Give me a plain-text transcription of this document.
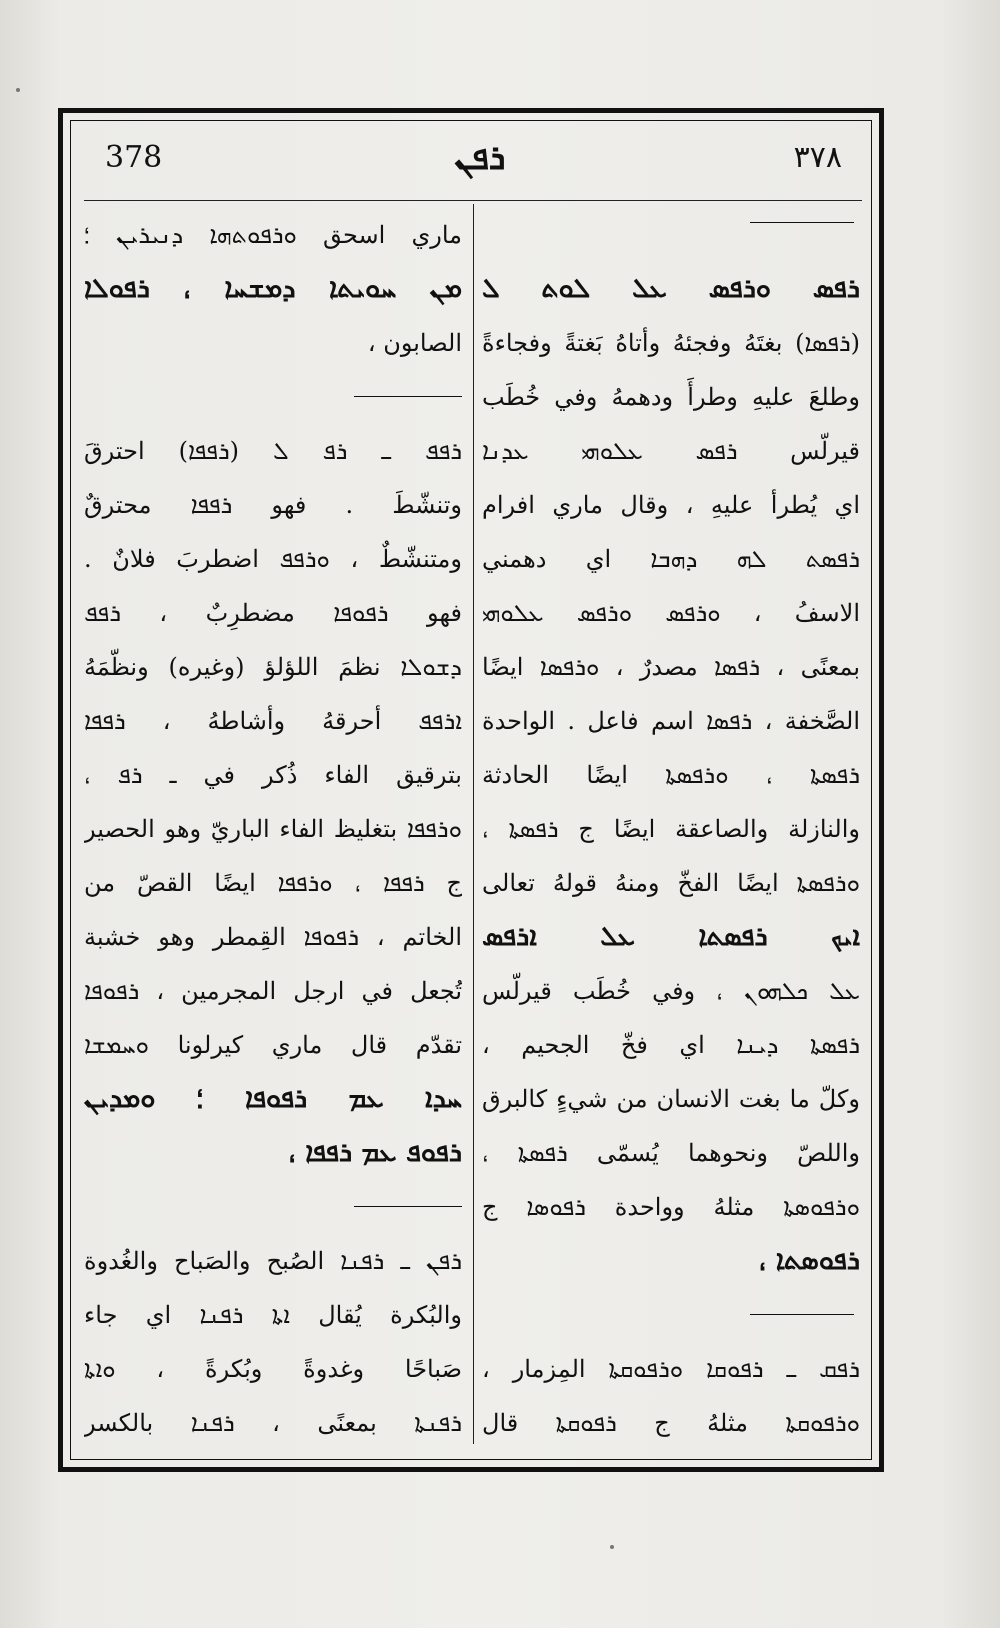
378	ܪܦܢ	٣٧٨
ماري اسحق ܘܪܦܘܬܗܐ ܕܢܝܪܝܢ ؛
ܡܢ ܚܘܝܬܐ ܕܡܫܚܐ ، ܪܦܘܠܐ
الصابون ،
ܪܦܦ ـ ܪܦ ܠ (ܪܦܦܐ) احترقَ
وتنشّطَ . فهو ܪܦܦܐ محترقٌ
ومتنشّطٌ ، ܘܪܦܦ اضطربَ فلانٌ .
فهو ܪܦܘܦܐ مضطرِبٌ ، ܪܦܦ
ܕܫܘܠܐ نظمَ اللؤلؤ (وغيره) ونظّمَهُ
ܐܪܦܦ أحرقهُ وأشاطهُ ، ܪܦܦܐ
بترقيق الفاء ذُكر في ـ ܪܦ ،
ܘܪܦܦܐ بتغليظ الفاء الباريّ وهو الحصير
ج ܪܦܦܐ ، ܘܪܦܦܐ ايضًا القصّ من
الخاتم ، ܪܦܘܦܐ القِمطر وهو خشبة
تُجعل في ارجل المجرمين ، ܪܦܘܦܐ
تقدّم قال ماري كيرلونا ܘܚܡܫܐ
ܚܕܐ ܥܡ ܪܦܘܦܐ ؛ ܘܡܕܝܢ
ܪܦܘܦ ܥܡ ܪܦܦܐ ،
ܪܦܢ ـ ܪܦܢܐ الصُبح والصَباح والغُدوة
والبُكرة يُقال ܐܬܐ ܪܦܢܐ اي جاء
صَباحًا وغدوةً وبُكرةً ، ܘܐܬܐ
ܪܦܢܬܐ بمعنًى ، ܪܦܢܐ بالكسر
ܪܦܣ ܘܪܦܣ ܥܠ ܠܘܬ ܠ
(ܪܦܣܐ) بغتَهُ وفجئهُ وأتاهُ بَغتةً وفجاءةً
وطلعَ عليهِ وطرأَ ودهمهُ وفي خُطَب
قيرلّس ܪܦܣ ܥܠܘܗܝ ܥܕܢܐ
اي يُطرأ عليهِ ، وقال ماري افرام
ܪܦܣܬ ܠܗ ܕܗܒܐ اي دهمني
الاسفُ ، ܘܪܦܣ ܘܪܦܣ ܥܠܘܗܝ
بمعنًى ، ܪܦܣܐ مصدرٌ ، ܘܪܦܣܐ ايضًا
الصَّخفة ، ܪܦܣܐ اسم فاعل . الواحدة
ܪܦܣܬܐ ، ܘܪܦܣܬܐ ايضًا الحادثة
والنازلة والصاعقة ايضًا ج ܪܦܣܬܐ ،
ܘܪܦܣܬܐ ايضًا الفخّ ومنهُ قولهُ تعالى
ܐܝܟ ܪܦܣܬܐ ܥܠ ܐܪܦܣ
ܥܠ ܟܠܗܘܢ ، وفي خُطَب قيرلّس
ܪܦܣܬܐ ܕܝܢܐ اي فخّ الجحيم ،
وكلّ ما بغت الانسان من شيءٍ كالبرق
واللصّ ونحوهما يُسمّى ܪܦܣܬܐ ،
ܘܪܦܘܣܬܐ مثلهُ وواحدة ܪܦܘܣܐ ج
ܪܦܘܣܬܐ ،
ܪܦܩ ـ ܪܦܘܩܐ ܘܪܦܘܩܬܐ المِزمار ،
ܘܪܦܘܩܬܐ مثلهُ ج ܪܦܘܩܬܐ قال
